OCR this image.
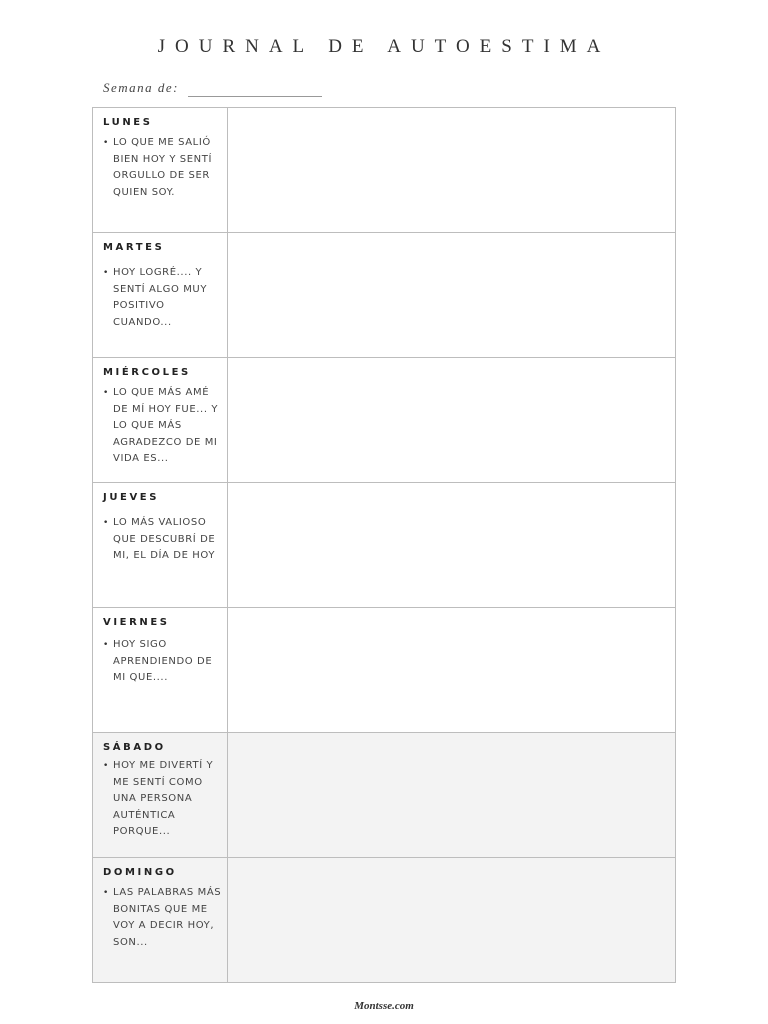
JOURNAL DE AUTOESTIMA
Semana de:
LUNES
• LO QUE ME SALIÓ BIEN HOY Y SENTÍ ORGULLO DE SER QUIEN SOY.
MARTES
• HOY LOGRÉ.... Y SENTÍ ALGO MUY POSITIVO CUANDO...
MIÉRCOLES
• LO QUE MÁS AMÉ DE MÍ HOY FUE... Y LO QUE MÁS AGRADEZCO DE MI VIDA ES...
JUEVES
• LO MÁS VALIOSO QUE DESCUBRÍ DE MI, EL DÍA DE HOY
VIERNES
• HOY SIGO APRENDIENDO DE MI QUE....
SÁBADO
• HOY ME DIVERTÍ Y ME SENTÍ COMO UNA PERSONA AUTÉNTICA PORQUE...
DOMINGO
• LAS PALABRAS MÁS BONITAS QUE ME VOY A DECIR HOY, SON...
Montsse.com
